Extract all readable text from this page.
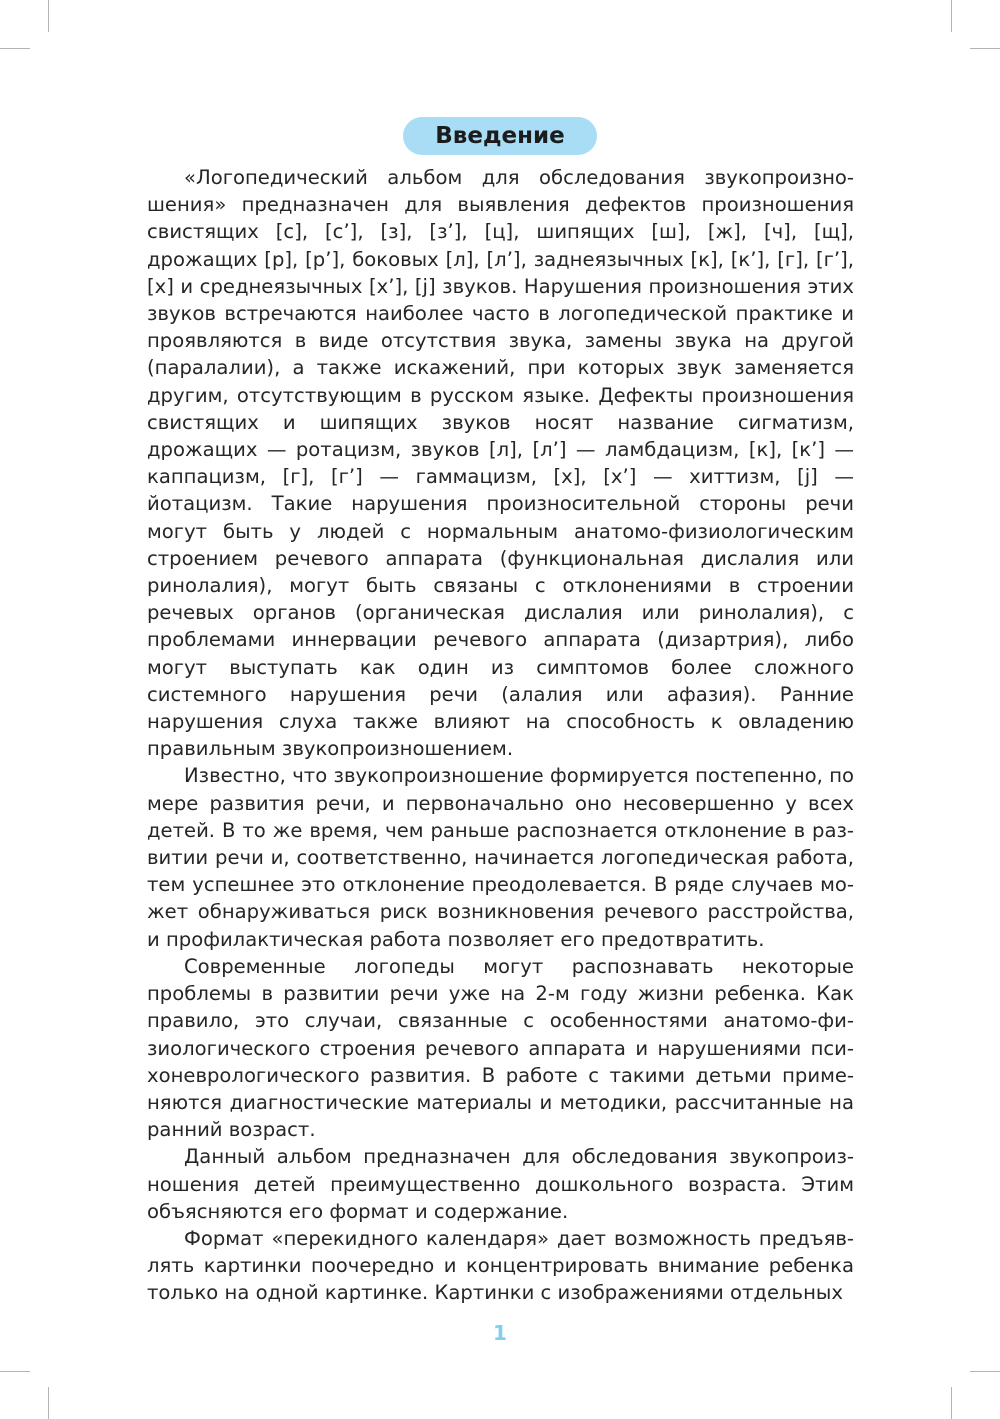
Введение

«Логопедический альбом для обследования звукопроизношения» предназначен для выявления дефектов произношения свистящих [с], [с’], [з], [з’], [ц], шипящих [ш], [ж], [ч], [щ], дрожащих [р], [р’], боковых [л], [л’], заднеязычных [к], [к’], [г], [г’], [х] и среднеязычных [х’], [j] звуков. Нарушения произношения этих звуков встречаются наиболее часто в логопедической практике и проявляются в виде отсутствия звука, замены звука на другой (паралалии), а также искажений, при которых звук заменяется другим, отсутствующим в русском языке. Дефекты произношения свистящих и шипящих звуков носят название сигматизм, дрожащих — ротацизм, звуков [л], [л’] — ламбдацизм, [к], [к’] — каппацизм, [г], [г’] — гаммацизм, [х], [х’] — хиттизм, [j] — йотацизм. Такие нарушения произносительной стороны речи могут быть у людей с нормальным анатомо-физиологическим строением речевого аппарата (функциональная дислалия или ринолалия), могут быть связаны с отклонениями в строении речевых органов (органическая дислалия или ринолалия), с проблемами иннервации речевого аппарата (дизартрия), либо могут выступать как один из симптомов более сложного системного нарушения речи (алалия или афазия). Ранние нарушения слуха также влияют на способность к овладению правильным звукопроизношением.

Известно, что звукопроизношение формируется постепенно, по мере развития речи, и первоначально оно несовершенно у всех детей. В то же время, чем раньше распознается отклонение в развитии речи и, соответственно, начинается логопедическая работа, тем успешнее это отклонение преодолевается. В ряде случаев может обнаруживаться риск возникновения речевого расстройства, и профилактическая работа позволяет его предотвратить.

Современные логопеды могут распознавать некоторые проблемы в развитии речи уже на 2-м году жизни ребенка. Как правило, это случаи, связанные с особенностями анатомо-физиологического строения речевого аппарата и нарушениями психоневрологического развития. В работе с такими детьми применяются диагностические материалы и методики, рассчитанные на ранний возраст.

Данный альбом предназначен для обследования звукопроизношения детей преимущественно дошкольного возраста. Этим объясняются его формат и содержание.

Формат «перекидного календаря» дает возможность предъявлять картинки поочередно и концентрировать внимание ребенка только на одной картинке. Картинки с изображениями отдельных

1
